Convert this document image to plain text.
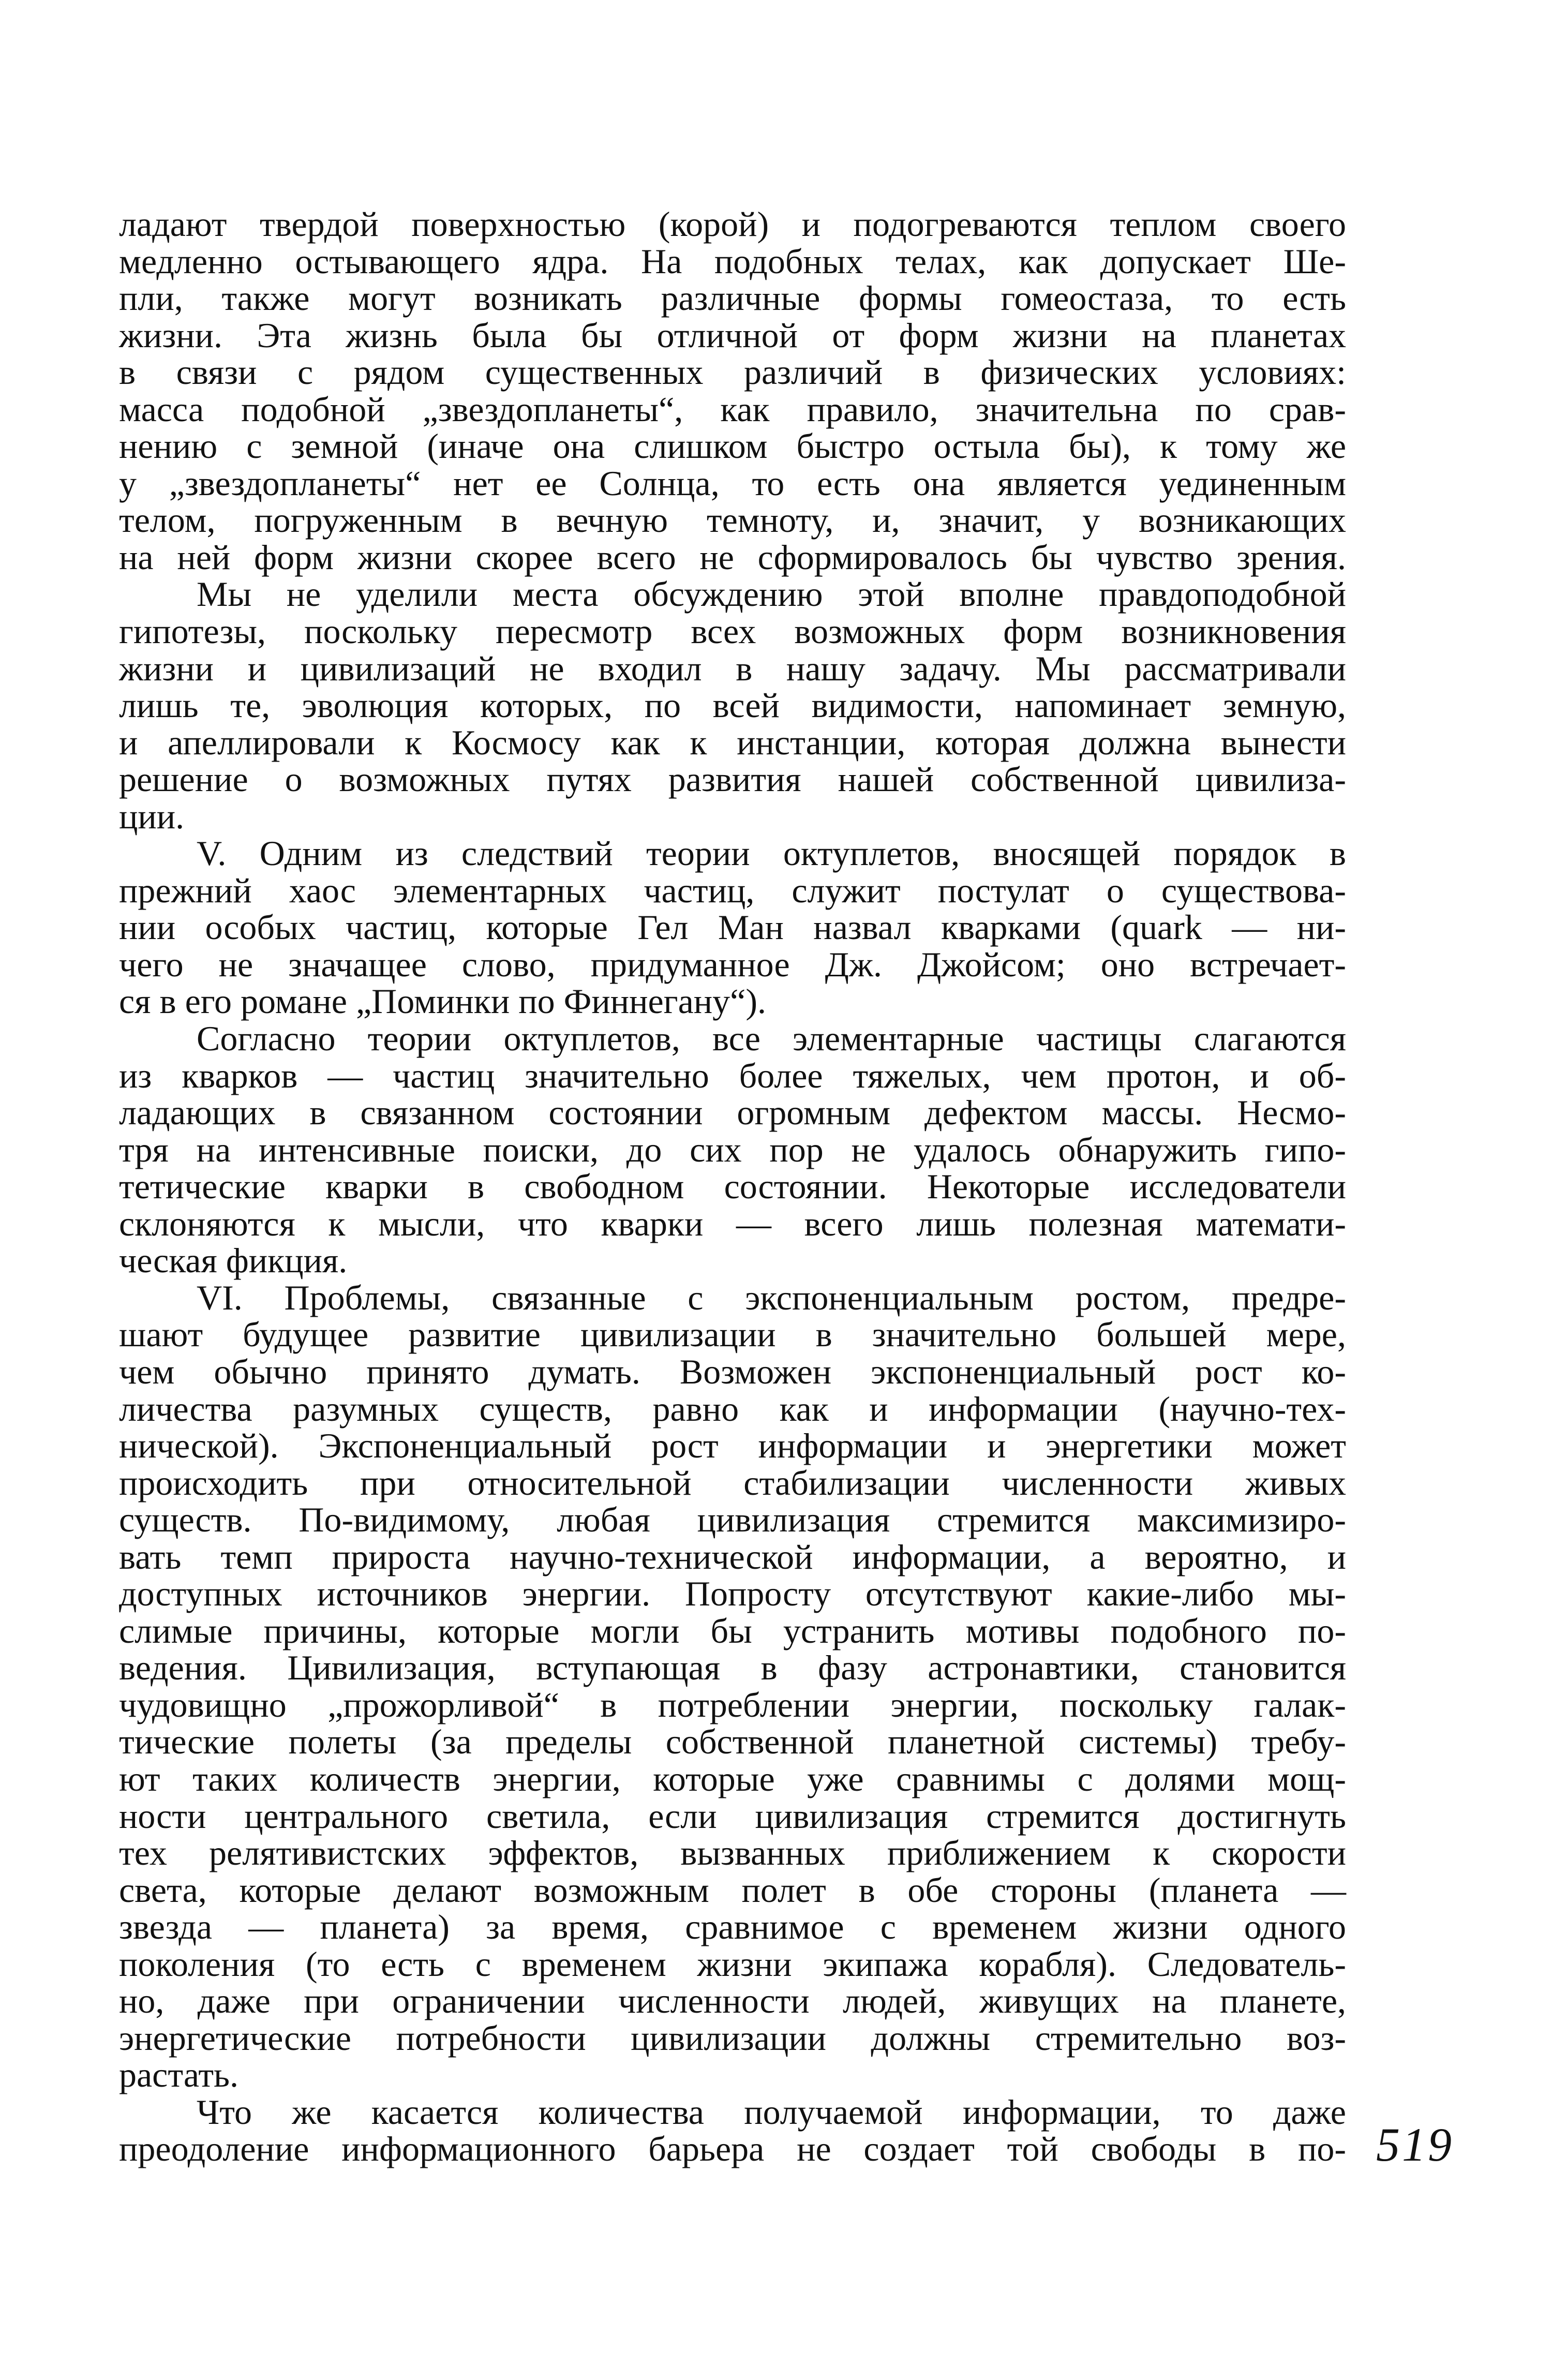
ладают твердой поверхностью (корой) и подогреваются теплом своего
медленно остывающего ядра. На подобных телах, как допускает Ше-
пли, также могут возникать различные формы гомеостаза, то есть
жизни. Эта жизнь была бы отличной от форм жизни на планетах
в связи с рядом существенных различий в физических условиях:
масса подобной „звездопланеты“, как правило, значительна по срав-
нению с земной (иначе она слишком быстро остыла бы), к тому же
у „звездопланеты“ нет ее Солнца, то есть она является уединенным
телом, погруженным в вечную темноту, и, значит, у возникающих
на ней форм жизни скорее всего не сформировалось бы чувство зрения.
Мы не уделили места обсуждению этой вполне правдоподобной
гипотезы, поскольку пересмотр всех возможных форм возникновения
жизни и цивилизаций не входил в нашу задачу. Мы рассматривали
лишь те, эволюция которых, по всей видимости, напоминает земную,
и апеллировали к Космосу как к инстанции, которая должна вынести
решение о возможных путях развития нашей собственной цивилиза-
ции.
V. Одним из следствий теории октуплетов, вносящей порядок в
прежний хаос элементарных частиц, служит постулат о существова-
нии особых частиц, которые Гел Ман назвал кварками (quark — ни-
чего не значащее слово, придуманное Дж. Джойсом; оно встречает-
ся в его романе „Поминки по Финнегану“).
Согласно теории октуплетов, все элементарные частицы слагаются
из кварков — частиц значительно более тяжелых, чем протон, и об-
ладающих в связанном состоянии огромным дефектом массы. Несмо-
тря на интенсивные поиски, до сих пор не удалось обнаружить гипо-
тетические кварки в свободном состоянии. Некоторые исследователи
склоняются к мысли, что кварки — всего лишь полезная математи-
ческая фикция.
VI. Проблемы, связанные с экспоненциальным ростом, предре-
шают будущее развитие цивилизации в значительно большей мере,
чем обычно принято думать. Возможен экспоненциальный рост ко-
личества разумных существ, равно как и информации (научно-тех-
нической). Экспоненциальный рост информации и энергетики может
происходить при относительной стабилизации численности живых
существ. По-видимому, любая цивилизация стремится максимизиро-
вать темп прироста научно-технической информации, а вероятно, и
доступных источников энергии. Попросту отсутствуют какие-либо мы-
слимые причины, которые могли бы устранить мотивы подобного по-
ведения. Цивилизация, вступающая в фазу астронавтики, становится
чудовищно „прожорливой“ в потреблении энергии, поскольку галак-
тические полеты (за пределы собственной планетной системы) требу-
ют таких количеств энергии, которые уже сравнимы с долями мощ-
ности центрального светила, если цивилизация стремится достигнуть
тех релятивистских эффектов, вызванных приближением к скорости
света, которые делают возможным полет в обе стороны (планета —
звезда — планета) за время, сравнимое с временем жизни одного
поколения (то есть с временем жизни экипажа корабля). Следователь-
но, даже при ограничении численности людей, живущих на планете,
энергетические потребности цивилизации должны стремительно воз-
растать.
Что же касается количества получаемой информации, то даже
преодоление информационного барьера не создает той свободы в по- 519
